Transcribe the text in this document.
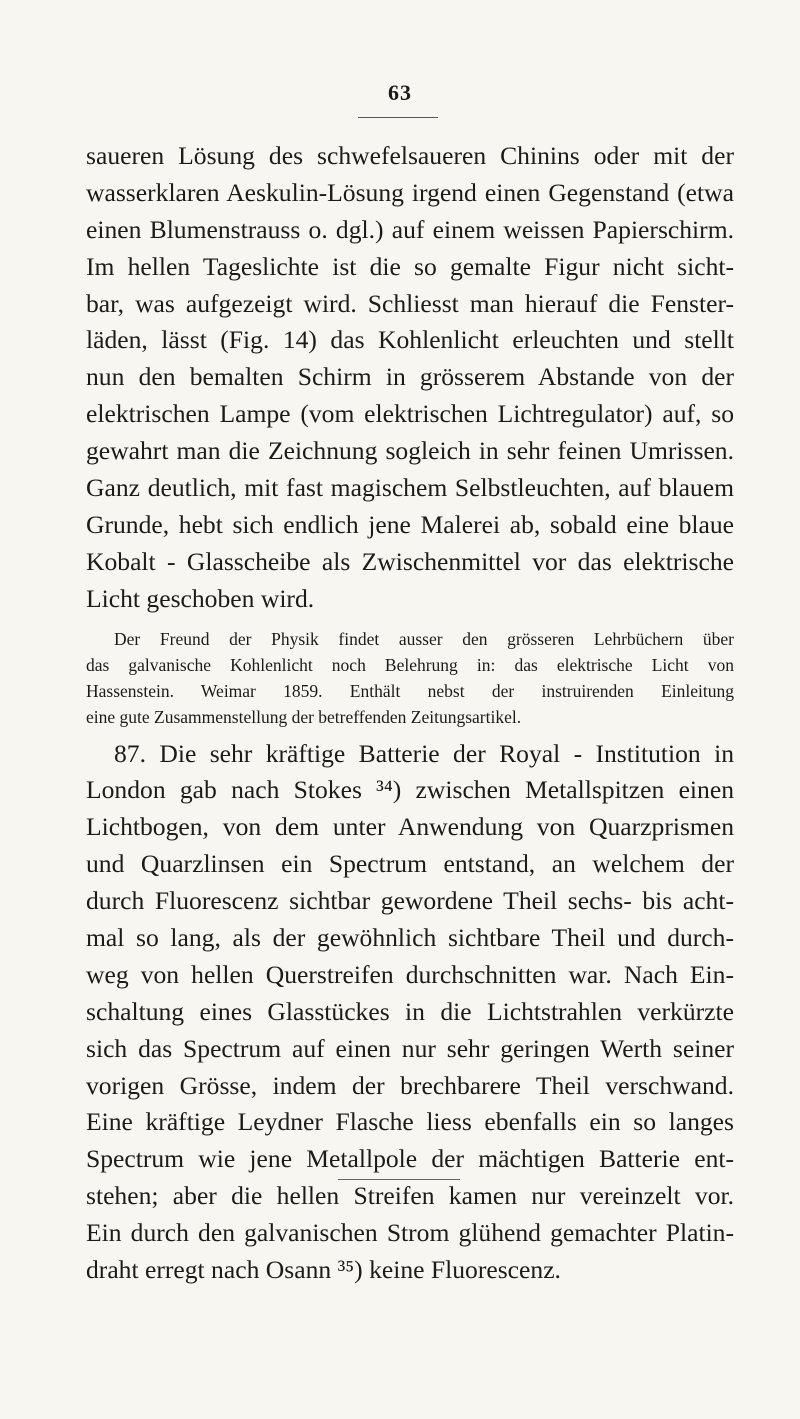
63
saueren Lösung des schwefelsaueren Chinins oder mit der
wasserklaren Aeskulin-Lösung irgend einen Gegenstand (etwa
einen Blumenstrauss o. dgl.) auf einem weissen Papierschirm.
Im hellen Tageslichte ist die so gemalte Figur nicht sicht-
bar, was aufgezeigt wird. Schliesst man hierauf die Fenster-
läden, lässt (Fig. 14) das Kohlenlicht erleuchten und stellt
nun den bemalten Schirm in grösserem Abstande von der
elektrischen Lampe (vom elektrischen Lichtregulator) auf, so
gewahrt man die Zeichnung sogleich in sehr feinen Umrissen.
Ganz deutlich, mit fast magischem Selbstleuchten, auf blauem
Grunde, hebt sich endlich jene Malerei ab, sobald eine blaue
Kobalt - Glasscheibe als Zwischenmittel vor das elektrische
Licht geschoben wird.
Der Freund der Physik findet ausser den grösseren Lehrbüchern über
das galvanische Kohlenlicht noch Belehrung in: das elektrische Licht von
Hassenstein. Weimar 1859. Enthält nebst der instruirenden Einleitung
eine gute Zusammenstellung der betreffenden Zeitungsartikel.
87. Die sehr kräftige Batterie der Royal - Institution in
London gab nach Stokes ³⁴) zwischen Metallspitzen einen
Lichtbogen, von dem unter Anwendung von Quarzprismen
und Quarzlinsen ein Spectrum entstand, an welchem der
durch Fluorescenz sichtbar gewordene Theil sechs- bis acht-
mal so lang, als der gewöhnlich sichtbare Theil und durch-
weg von hellen Querstreifen durchschnitten war. Nach Ein-
schaltung eines Glasstückes in die Lichtstrahlen verkürzte
sich das Spectrum auf einen nur sehr geringen Werth seiner
vorigen Grösse, indem der brechbarere Theil verschwand.
Eine kräftige Leydner Flasche liess ebenfalls ein so langes
Spectrum wie jene Metallpole der mächtigen Batterie ent-
stehen; aber die hellen Streifen kamen nur vereinzelt vor.
Ein durch den galvanischen Strom glühend gemachter Platin-
draht erregt nach Osann ³⁵) keine Fluorescenz.
